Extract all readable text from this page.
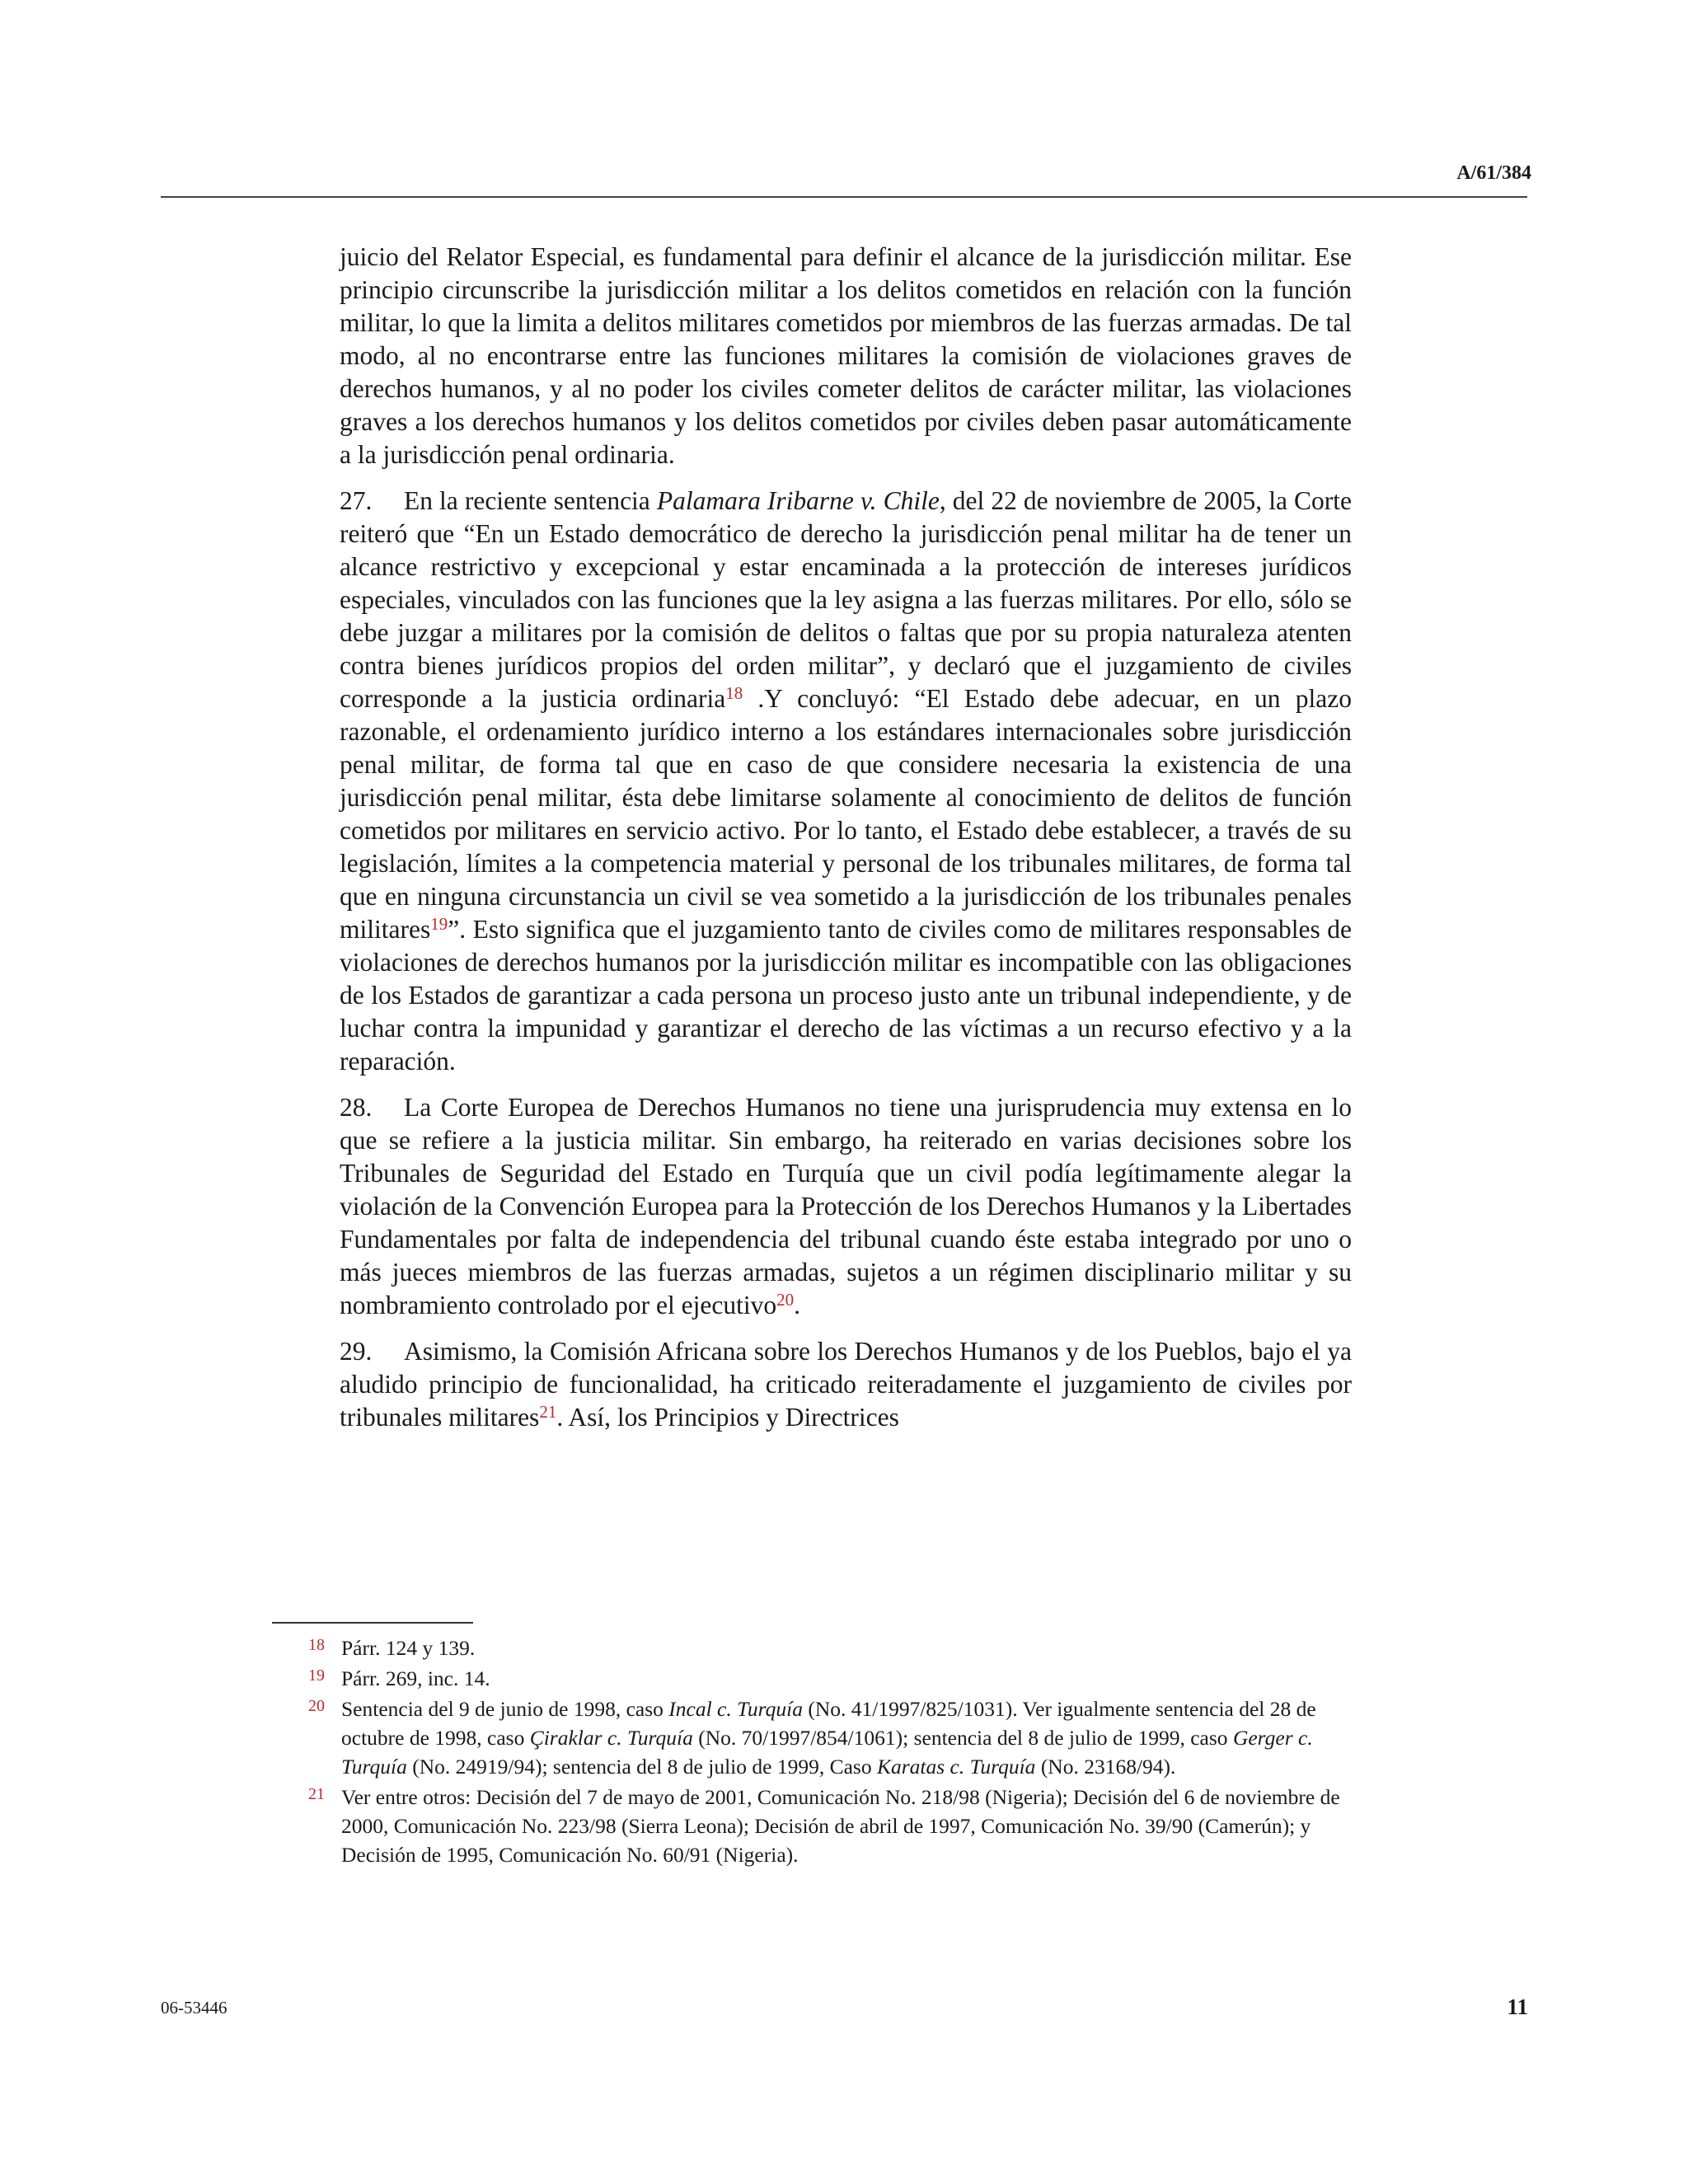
A/61/384

juicio del Relator Especial, es fundamental para definir el alcance de la jurisdicción militar. Ese principio circunscribe la jurisdicción militar a los delitos cometidos en relación con la función militar, lo que la limita a delitos militares cometidos por miembros de las fuerzas armadas. De tal modo, al no encontrarse entre las funciones militares la comisión de violaciones graves de derechos humanos, y al no poder los civiles cometer delitos de carácter militar, las violaciones graves a los derechos humanos y los delitos cometidos por civiles deben pasar automáticamente a la jurisdicción penal ordinaria.

27. En la reciente sentencia Palamara Iribarne v. Chile, del 22 de noviembre de 2005, la Corte reiteró que “En un Estado democrático de derecho la jurisdicción penal militar ha de tener un alcance restrictivo y excepcional y estar encaminada a la protección de intereses jurídicos especiales, vinculados con las funciones que la ley asigna a las fuerzas militares. Por ello, sólo se debe juzgar a militares por la comisión de delitos o faltas que por su propia naturaleza atenten contra bienes jurídicos propios del orden militar”, y declaró que el juzgamiento de civiles corresponde a la justicia ordinaria$^{18}$ .Y concluyó: “El Estado debe adecuar, en un plazo razonable, el ordenamiento jurídico interno a los estándares internacionales sobre jurisdicción penal militar, de forma tal que en caso de que considere necesaria la existencia de una jurisdicción penal militar, ésta debe limitarse solamente al conocimiento de delitos de función cometidos por militares en servicio activo. Por lo tanto, el Estado debe establecer, a través de su legislación, límites a la competencia material y personal de los tribunales militares, de forma tal que en ninguna circunstancia un civil se vea sometido a la jurisdicción de los tribunales penales militares$^{19}$”. Esto significa que el juzgamiento tanto de civiles como de militares responsables de violaciones de derechos humanos por la jurisdicción militar es incompatible con las obligaciones de los Estados de garantizar a cada persona un proceso justo ante un tribunal independiente, y de luchar contra la impunidad y garantizar el derecho de las víctimas a un recurso efectivo y a la reparación.

28. La Corte Europea de Derechos Humanos no tiene una jurisprudencia muy extensa en lo que se refiere a la justicia militar. Sin embargo, ha reiterado en varias decisiones sobre los Tribunales de Seguridad del Estado en Turquía que un civil podía legítimamente alegar la violación de la Convención Europea para la Protección de los Derechos Humanos y la Libertades Fundamentales por falta de independencia del tribunal cuando éste estaba integrado por uno o más jueces miembros de las fuerzas armadas, sujetos a un régimen disciplinario militar y su nombramiento controlado por el ejecutivo$^{20}$.

29. Asimismo, la Comisión Africana sobre los Derechos Humanos y de los Pueblos, bajo el ya aludido principio de funcionalidad, ha criticado reiteradamente el juzgamiento de civiles por tribunales militares$^{21}$. Así, los Principios y Directrices

18 Párr. 124 y 139.
19 Párr. 269, inc. 14.
20 Sentencia del 9 de junio de 1998, caso Incal c. Turquía (No. 41/1997/825/1031). Ver igualmente sentencia del 28 de octubre de 1998, caso Çiraklar c. Turquía (No. 70/1997/854/1061); sentencia del 8 de julio de 1999, caso Gerger c. Turquía (No. 24919/94); sentencia del 8 de julio de 1999, Caso Karatas c. Turquía (No. 23168/94).
21 Ver entre otros: Decisión del 7 de mayo de 2001, Comunicación No. 218/98 (Nigeria); Decisión del 6 de noviembre de 2000, Comunicación No. 223/98 (Sierra Leona); Decisión de abril de 1997, Comunicación No. 39/90 (Camerún); y Decisión de 1995, Comunicación No. 60/91 (Nigeria).
06-53446	11
